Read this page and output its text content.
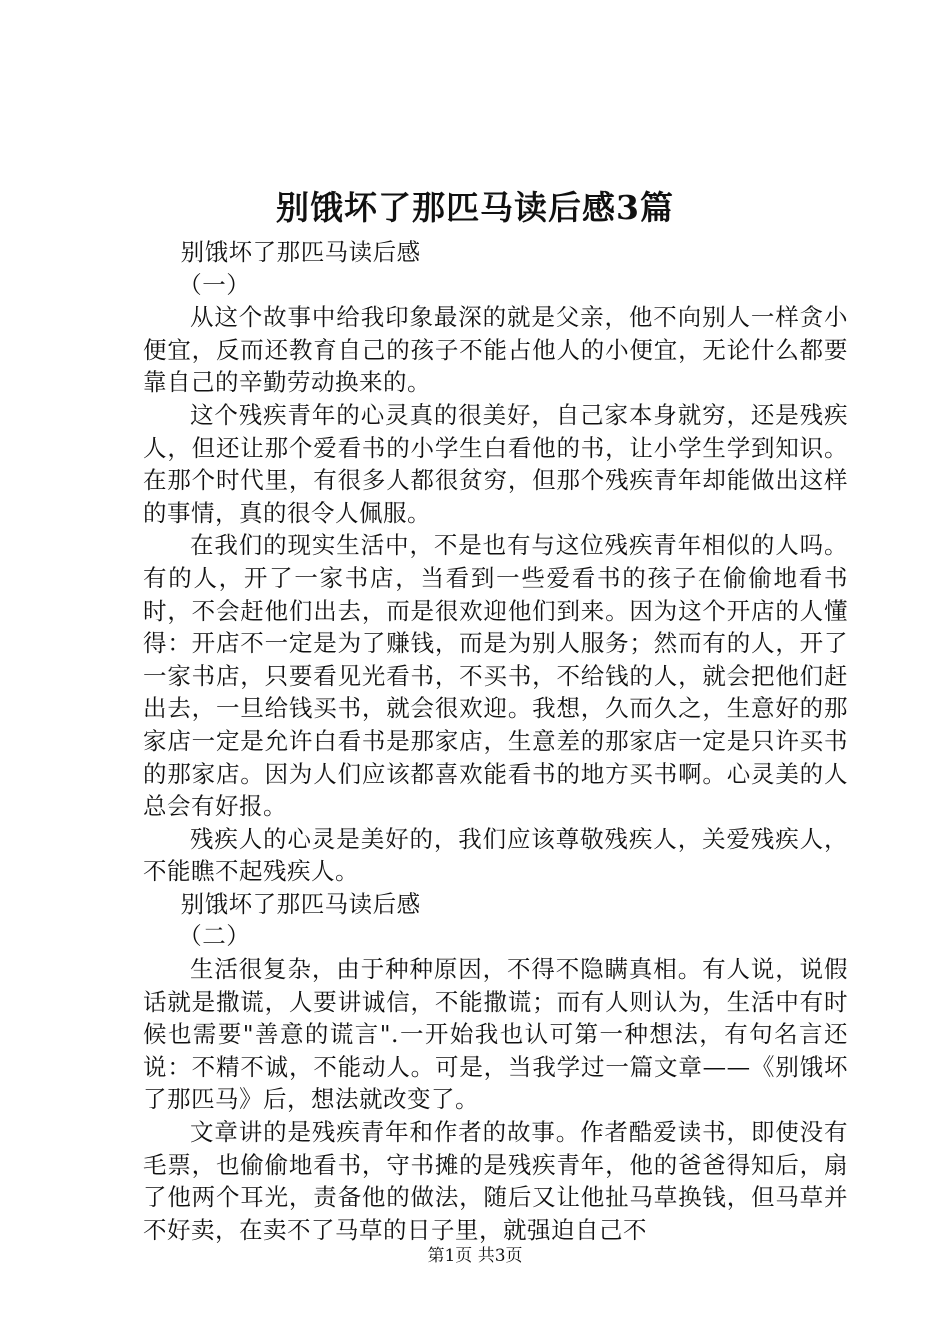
别饿坏了那匹马读后感3篇

别饿坏了那匹马读后感

（一）

从这个故事中给我印象最深的就是父亲，他不向别人一样贪小便宜，反而还教育自己的孩子不能占他人的小便宜，无论什么都要靠自己的辛勤劳动换来的。

这个残疾青年的心灵真的很美好，自己家本身就穷，还是残疾人，但还让那个爱看书的小学生白看他的书，让小学生学到知识。在那个时代里，有很多人都很贫穷，但那个残疾青年却能做出这样的事情，真的很令人佩服。

在我们的现实生活中，不是也有与这位残疾青年相似的人吗。有的人，开了一家书店，当看到一些爱看书的孩子在偷偷地看书时，不会赶他们出去，而是很欢迎他们到来。因为这个开店的人懂得：开店不一定是为了赚钱，而是为别人服务；然而有的人，开了一家书店，只要看见光看书，不买书，不给钱的人，就会把他们赶出去，一旦给钱买书，就会很欢迎。我想，久而久之，生意好的那家店一定是允许白看书是那家店，生意差的那家店一定是只许买书的那家店。因为人们应该都喜欢能看书的地方买书啊。心灵美的人总会有好报。

残疾人的心灵是美好的，我们应该尊敬残疾人，关爱残疾人，不能瞧不起残疾人。

别饿坏了那匹马读后感

（二）

生活很复杂，由于种种原因，不得不隐瞒真相。有人说，说假话就是撒谎，人要讲诚信，不能撒谎；而有人则认为，生活中有时候也需要"善意的谎言".一开始我也认可第一种想法，有句名言还说：不精不诚，不能动人。可是，当我学过一篇文章——《别饿坏了那匹马》后，想法就改变了。

文章讲的是残疾青年和作者的故事。作者酷爱读书，即使没有毛票，也偷偷地看书，守书摊的是残疾青年，他的爸爸得知后，扇了他两个耳光，责备他的做法，随后又让他扯马草换钱，但马草并不好卖，在卖不了马草的日子里，就强迫自己不

第1页 共3页
